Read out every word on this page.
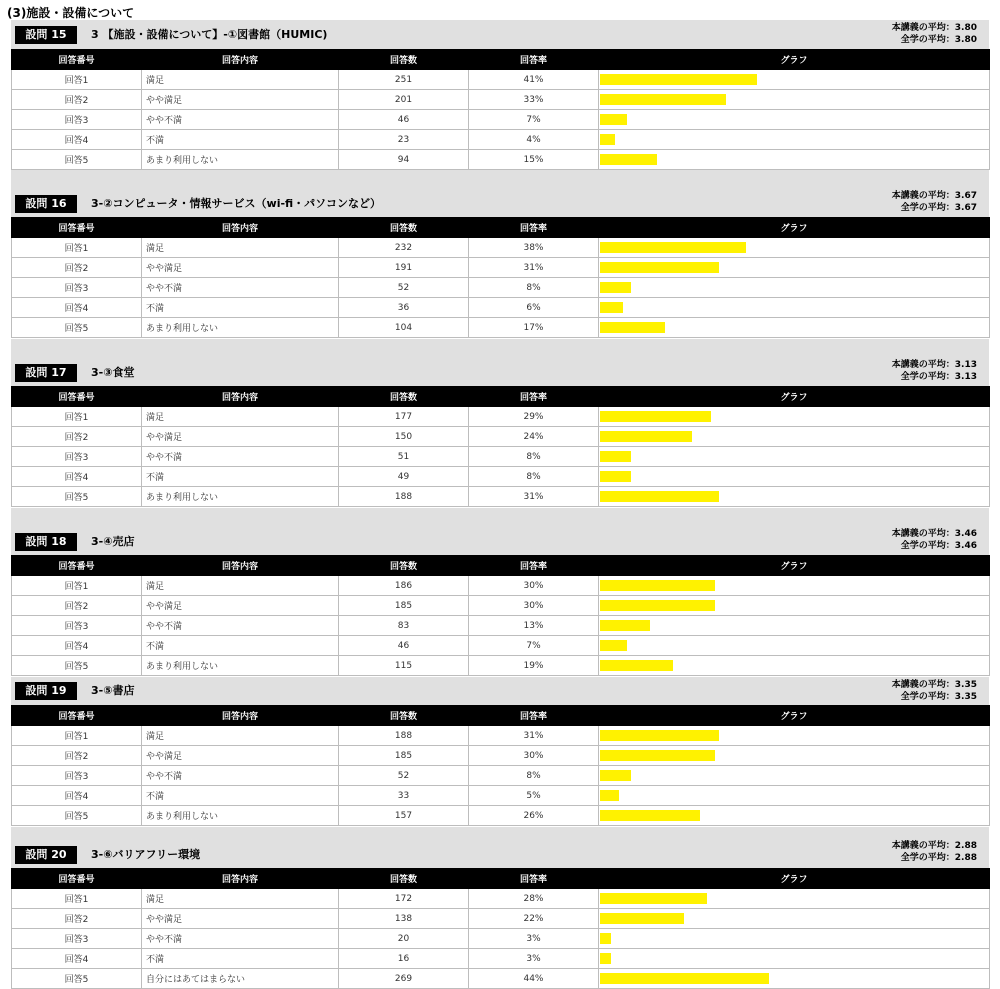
(3)施設・設備について
設問 15	3 【施設・設備について】-①図書館（HUMIC)	本講義の平均：3.80
全学の平均：3.80
回答番号	回答内容	回答数	回答率	グラフ
回答1	満足	251	41%	

回答2	やや満足	201	33%	

回答3	やや不満	46	7%	

回答4	不満	23	4%	

回答5	あまり利用しない	94	15%	
設問 16	3-②コンピュータ・情報サービス（wi-fi・パソコンなど）
本講義の平均：3.67
全学の平均：3.67
回答番号	回答内容	回答数	回答率	グラフ
回答1	満足	232	38%	

回答2	やや満足	191	31%	

回答3	やや不満	52	8%	

回答4	不満	36	6%	

回答5	あまり利用しない	104	17%	
設問 17	3-③食堂
本講義の平均：3.13
全学の平均：3.13
回答番号	回答内容	回答数	回答率	グラフ
回答1	満足	177	29%	

回答2	やや満足	150	24%	

回答3	やや不満	51	8%	

回答4	不満	49	8%	

回答5	あまり利用しない	188	31%	
設問 18	3-④売店
本講義の平均：3.46
全学の平均：3.46
回答番号	回答内容	回答数	回答率	グラフ
回答1	満足	186	30%	

回答2	やや満足	185	30%	

回答3	やや不満	83	13%	

回答4	不満	46	7%	

回答5	あまり利用しない	115	19%	
設問 19	3-⑤書店	本講義の平均：3.35
全学の平均：3.35
回答番号	回答内容	回答数	回答率	グラフ
回答1	満足	188	31%	

回答2	やや満足	185	30%	

回答3	やや不満	52	8%	

回答4	不満	33	5%	

回答5	あまり利用しない	157	26%	
設問 20	3-⑥バリアフリー環境
本講義の平均：2.88
全学の平均：2.88
回答番号	回答内容	回答数	回答率	グラフ
回答1	満足	172	28%	

回答2	やや満足	138	22%	

回答3	やや不満	20	3%	

回答4	不満	16	3%	

回答5	自分にはあてはまらない	269	44%	
